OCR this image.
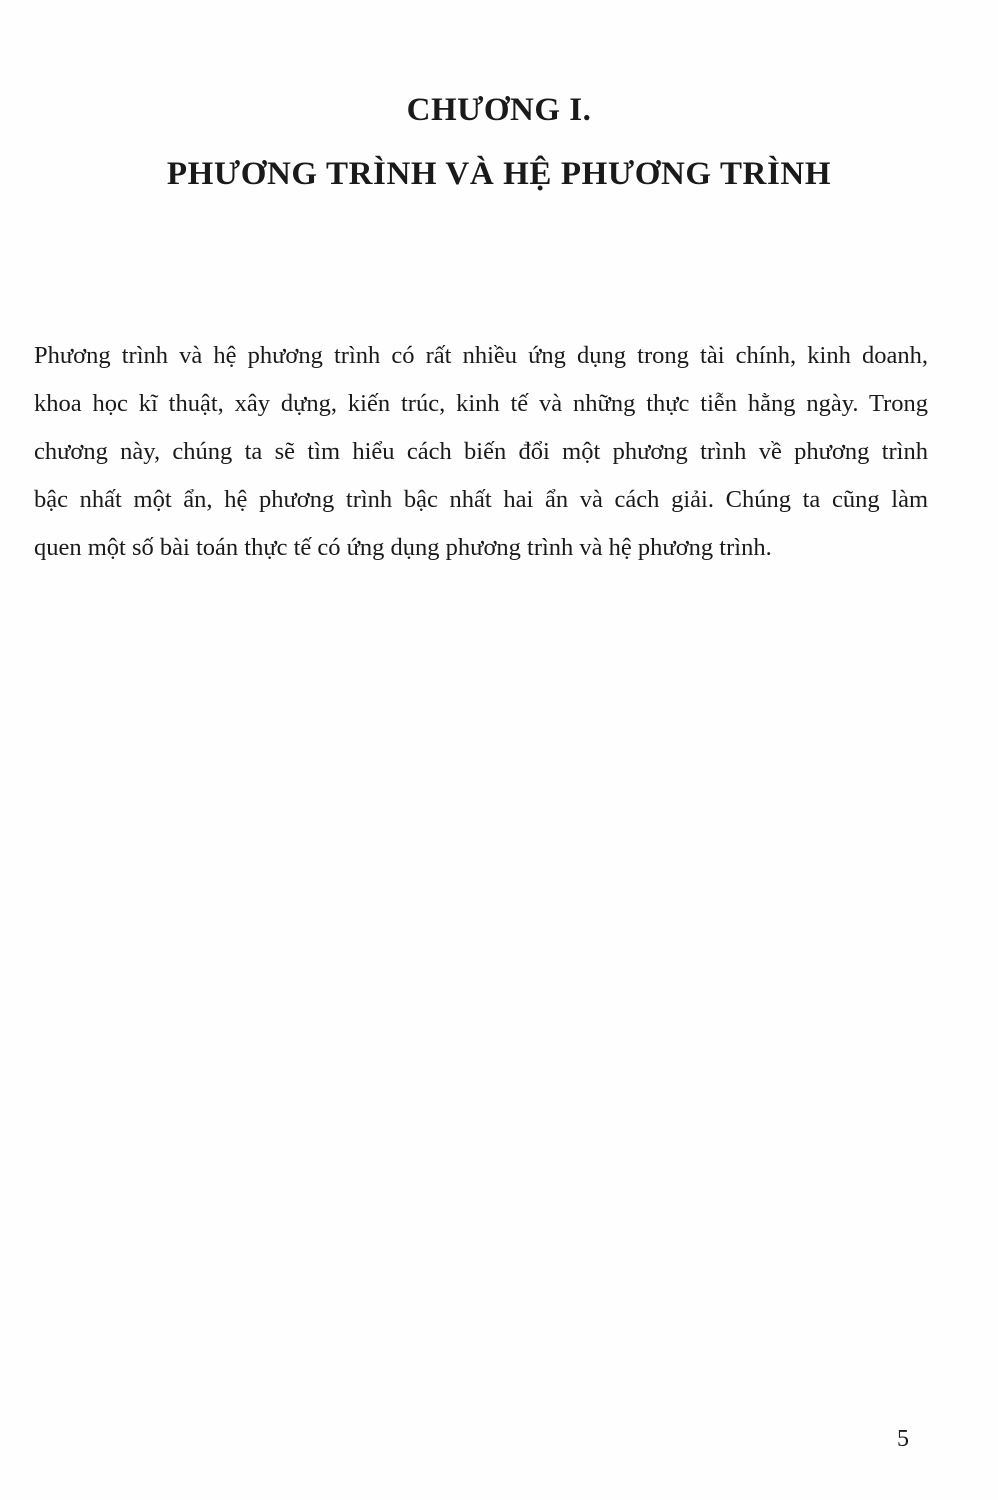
CHƯƠNG I.
PHƯƠNG TRÌNH VÀ HỆ PHƯƠNG TRÌNH

Phương trình và hệ phương trình có rất nhiều ứng dụng trong tài chính, kinh doanh,
khoa học kĩ thuật, xây dựng, kiến trúc, kinh tế và những thực tiễn hằng ngày. Trong
chương này, chúng ta sẽ tìm hiểu cách biến đổi một phương trình về phương trình
bậc nhất một ẩn, hệ phương trình bậc nhất hai ẩn và cách giải. Chúng ta cũng làm
quen một số bài toán thực tế có ứng dụng phương trình và hệ phương trình.

5
